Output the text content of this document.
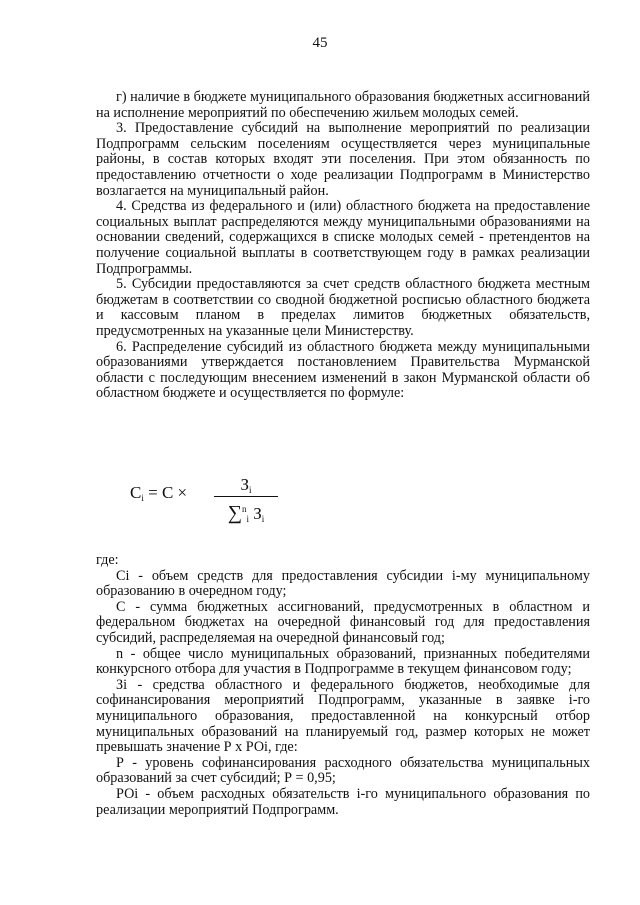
45

г) наличие в бюджете муниципального образования бюджетных ассигнований на исполнение мероприятий по обеспечению жильем молодых семей.

3. Предоставление субсидий на выполнение мероприятий по реализации Подпрограмм сельским поселениям осуществляется через муниципальные районы, в состав которых входят эти поселения. При этом обязанность по предоставлению отчетности о ходе реализации Подпрограмм в Министерство возлагается на муниципальный район.

4. Средства из федерального и (или) областного бюджета на предоставление социальных выплат распределяются между муниципальными образованиями на основании сведений, содержащихся в списке молодых семей - претендентов на получение социальной выплаты в соответствующем году в рамках реализации Подпрограммы.

5. Субсидии предоставляются за счет средств областного бюджета местным бюджетам в соответствии со сводной бюджетной росписью областного бюджета и кассовым планом в пределах лимитов бюджетных обязательств, предусмотренных на указанные цели Министерству.

6. Распределение субсидий из областного бюджета между муниципальными образованиями утверждается постановлением Правительства Мурманской области с последующим внесением изменений в закон Мурманской области об областном бюджете и осуществляется по формуле:

$C_i = C$ ×	$З_i$
∑$^n_i$ $З_i$

где:

Ci - объем средств для предоставления субсидии i-му муниципальному образованию в очередном году;

С - сумма бюджетных ассигнований, предусмотренных в областном и федеральном бюджетах на очередной финансовый год для предоставления субсидий, распределяемая на очередной финансовый год;

n - общее число муниципальных образований, признанных победителями конкурсного отбора для участия в Подпрограмме в текущем финансовом году;

Зi - средства областного и федерального бюджетов, необходимые для софинансирования мероприятий Подпрограмм, указанные в заявке i-го муниципального образования, предоставленной на конкурсный отбор муниципальных образований на планируемый год, размер которых не может превышать значение Р х РОi, где:

Р - уровень софинансирования расходного обязательства муниципальных образований за счет субсидий; Р = 0,95;

РОi - объем расходных обязательств i-го муниципального образования по реализации мероприятий Подпрограмм.
